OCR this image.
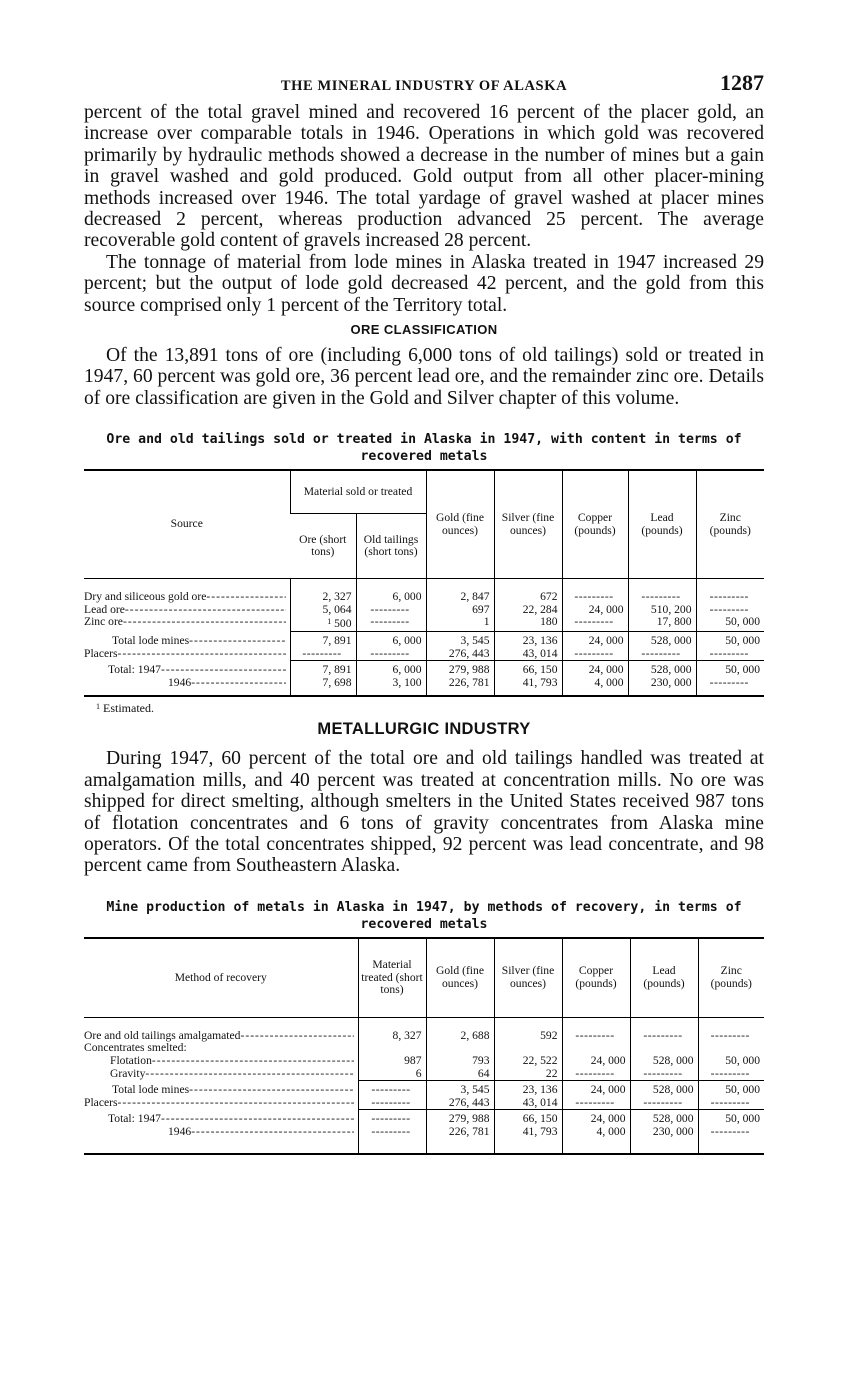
THE MINERAL INDUSTRY OF ALASKA	1287

percent of the total gravel mined and recovered 16 percent of the placer gold, an increase over comparable totals in 1946. Operations in which gold was recovered primarily by hydraulic methods showed a decrease in the number of mines but a gain in gravel washed and gold produced. Gold output from all other placer-mining methods increased over 1946. The total yardage of gravel washed at placer mines decreased 2 percent, whereas production advanced 25 percent. The average recoverable gold content of gravels increased 28 percent.

The tonnage of material from lode mines in Alaska treated in 1947 increased 29 percent; but the output of lode gold decreased 42 percent, and the gold from this source comprised only 1 percent of the Territory total.

ORE CLASSIFICATION

Of the 13,891 tons of ore (including 6,000 tons of old tailings) sold or treated in 1947, 60 percent was gold ore, 36 percent lead ore, and the remainder zinc ore. Details of ore classification are given in the Gold and Silver chapter of this volume.

Ore and old tailings sold or treated in Alaska in 1947, with content in terms of recovered metals
Source	Material sold or treated		Gold (fine ounces)	Silver (fine ounces)	Copper (pounds)	Lead (pounds)	Zinc (pounds)
	Ore (short tons)	Old tailings (short tons)					

Dry and siliceous gold ore
-----	2, 327	6, 000	2, 847	672	---------	---------	---------

Lead ore
-----	5, 064	---------	697	22, 284	24, 000	510, 200	---------

Zinc ore
-----	$^1$ 500	---------	1	180	---------	17, 800	50, 000

Total lode mines
-----	7, 891	6, 000	3, 545	23, 136	24, 000	528, 000	50, 000

Placers
-----	---------	---------	276, 443	43, 014	---------	---------	---------

Total: 1947
-----	7, 891	6, 000	279, 988	66, 150	24, 000	528, 000	50, 000

1946
-----	7, 698	3, 100	226, 781	41, 793	4, 000	230, 000	---------
$^1$ Estimated.
METALLURGIC INDUSTRY

During 1947, 60 percent of the total ore and old tailings handled was treated at amalgamation mills, and 40 percent was treated at concentration mills. No ore was shipped for direct smelting, although smelters in the United States received 987 tons of flotation concentrates and 6 tons of gravity concentrates from Alaska mine operators. Of the total concentrates shipped, 92 percent was lead concentrate, and 98 percent came from Southeastern Alaska.

Mine production of metals in Alaska in 1947, by methods of recovery, in terms of recovered metals
Method of recovery	Material treated (short tons)	Gold (fine ounces)	Silver (fine ounces)	Copper (pounds)	Lead (pounds)	Zinc (pounds)

Ore and old tailings amalgamated
-----	8, 327	2, 688	592	---------	---------	---------

Concentrates smelted:						

Flotation
-----	987	793	22, 522	24, 000	528, 000	50, 000

Gravity
-----	6	64	22	---------	---------	---------

Total lode mines
-----	---------	3, 545	23, 136	24, 000	528, 000	50, 000

Placers
-----	---------	276, 443	43, 014	---------	---------	---------

Total: 1947
-----	---------	279, 988	66, 150	24, 000	528, 000	50, 000

1946
-----	---------	226, 781	41, 793	4, 000	230, 000	---------
